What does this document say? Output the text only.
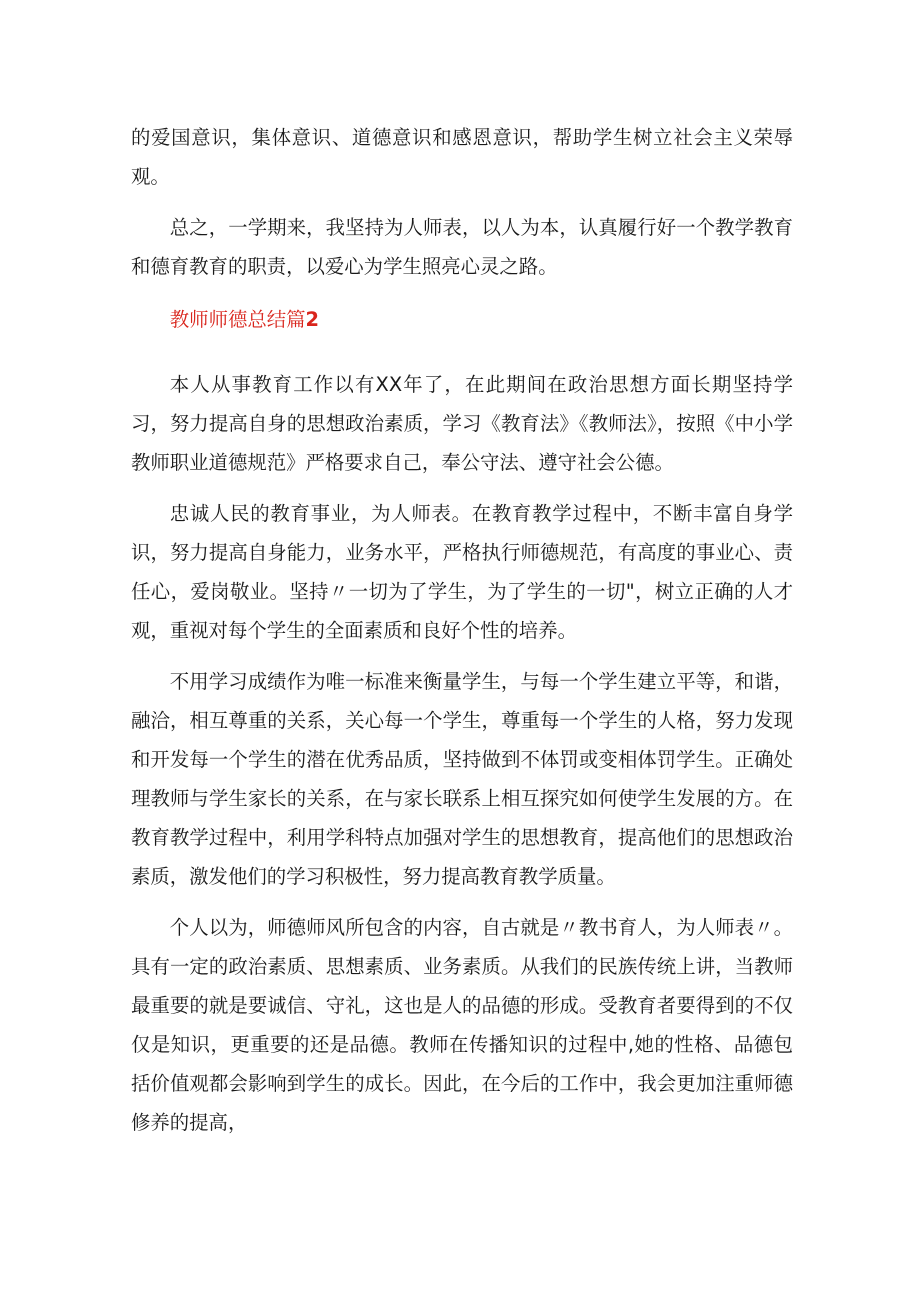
的爱国意识，集体意识、道德意识和感恩意识，帮助学生树立社会主义荣辱观。

总之，一学期来，我坚持为人师表，以人为本，认真履行好一个教学教育和德育教育的职责，以爱心为学生照亮心灵之路。

教师师德总结篇2

本人从事教育工作以有XX年了，在此期间在政治思想方面长期坚持学习，努力提高自身的思想政治素质，学习《教育法》《教师法》，按照《中小学教师职业道德规范》严格要求自己，奉公守法、遵守社会公德。

忠诚人民的教育事业，为人师表。在教育教学过程中，不断丰富自身学识，努力提高自身能力，业务水平，严格执行师德规范，有高度的事业心、责任心，爱岗敬业。坚持〃一切为了学生，为了学生的一切"，树立正确的人才观，重视对每个学生的全面素质和良好个性的培养。

不用学习成绩作为唯一标准来衡量学生，与每一个学生建立平等，和谐，融洽，相互尊重的关系，关心每一个学生，尊重每一个学生的人格，努力发现和开发每一个学生的潜在优秀品质，坚持做到不体罚或变相体罚学生。正确处理教师与学生家长的关系，在与家长联系上相互探究如何使学生发展的方。在教育教学过程中，利用学科特点加强对学生的思想教育，提高他们的思想政治素质，激发他们的学习积极性，努力提高教育教学质量。

个人以为，师德师风所包含的内容，自古就是〃教书育人，为人师表〃。具有一定的政治素质、思想素质、业务素质。从我们的民族传统上讲，当教师最重要的就是要诚信、守礼，这也是人的品德的形成。受教育者要得到的不仅仅是知识，更重要的还是品德。教师在传播知识的过程中,她的性格、品德包括价值观都会影响到学生的成长。因此，在今后的工作中，我会更加注重师德修养的提高，
